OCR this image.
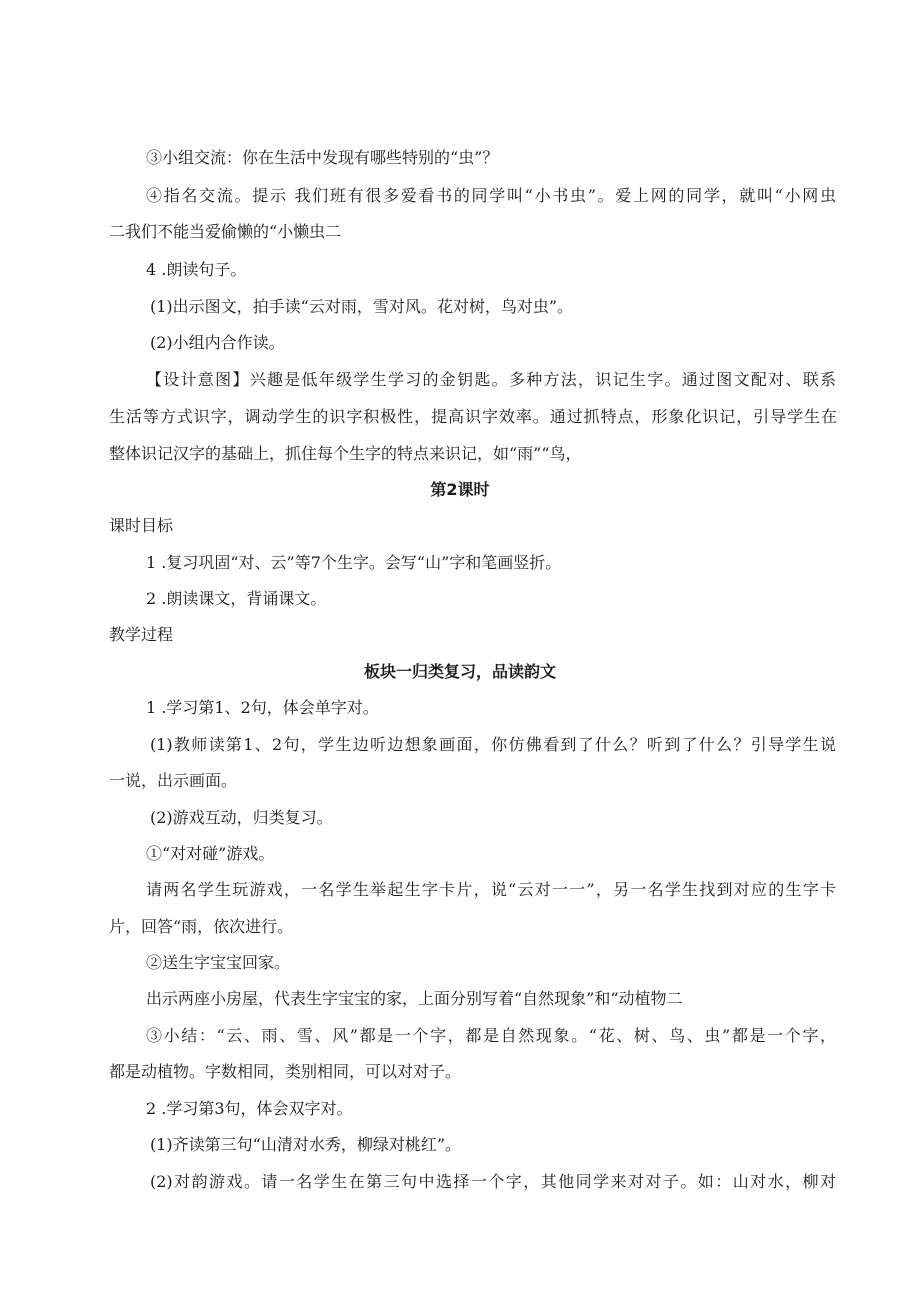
③小组交流：你在生活中发现有哪些特别的“虫”？
④指名交流。提示 我们班有很多爱看书的同学叫“小书虫”。爱上网的同学，就叫“小网虫
二我们不能当爱偷懒的“小懒虫二
4 .朗读句子。
(1)出示图文，拍手读“云对雨，雪对风。花对树，鸟对虫”。
(2)小组内合作读。
【设计意图】兴趣是低年级学生学习的金钥匙。多种方法，识记生字。通过图文配对、联系
生活等方式识字，调动学生的识字积极性，提高识字效率。通过抓特点，形象化识记，引导学生在
整体识记汉字的基础上，抓住每个生字的特点来识记，如“雨”“鸟，
第2课时
课时目标
1 .复习巩固“对、云”等7个生字。会写“山”字和笔画竖折。
2 .朗读课文，背诵课文。
教学过程
板块一归类复习，品读韵文
1 .学习第1、2句，体会单字对。
(1)教师读第1、2句，学生边听边想象画面，你仿佛看到了什么？听到了什么？引导学生说
一说，出示画面。
(2)游戏互动，归类复习。
①“对对碰”游戏。
请两名学生玩游戏，一名学生举起生字卡片，说“云对一一”，另一名学生找到对应的生字卡
片，回答“雨，依次进行。
②送生字宝宝回家。
出示两座小房屋，代表生字宝宝的家，上面分别写着“自然现象”和“动植物二
③小结：“云、雨、雪、风”都是一个字，都是自然现象。“花、树、鸟、虫”都是一个字，
都是动植物。字数相同，类别相同，可以对对子。
2 .学习第3句，体会双字对。
(1)齐读第三句“山清对水秀，柳绿对桃红”。
(2)对韵游戏。请一名学生在第三句中选择一个字，其他同学来对对子。如：山对水，柳对
